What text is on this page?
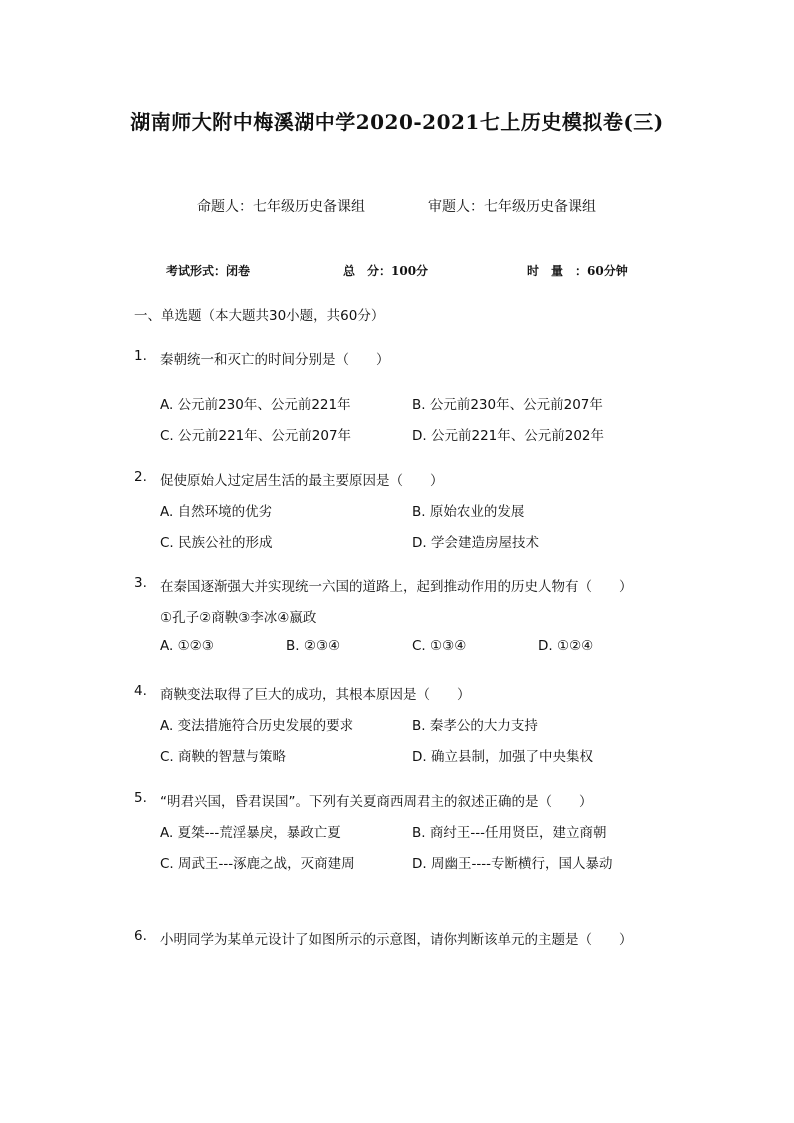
湖南师大附中梅溪湖中学2020-2021七上历史模拟卷(三)
命题人：七年级历史备课组	审题人：七年级历史备课组
考试形式：闭卷	总　分：100分	时　量　：60分钟
一、单选题（本大题共30小题，共60分）
1. 秦朝统一和灭亡的时间分别是（　　）
A. 公元前230年、公元前221年	B. 公元前230年、公元前207年
C. 公元前221年、公元前207年	D. 公元前221年、公元前202年
2. 促使原始人过定居生活的最主要原因是（　　）
A. 自然环境的优劣	B. 原始农业的发展
C. 民族公社的形成	D. 学会建造房屋技术
3. 在秦国逐渐强大并实现统一六国的道路上，起到推动作用的历史人物有（　　）
①孔子②商鞅③李冰④嬴政
A. ①②③	B. ②③④	C. ①③④	D. ①②④
4. 商鞅变法取得了巨大的成功，其根本原因是（　　）
A. 变法措施符合历史发展的要求	B. 秦孝公的大力支持
C. 商鞅的智慧与策略	D. 确立县制，加强了中央集权
5. “明君兴国，昏君误国”。下列有关夏商西周君主的叙述正确的是（　　）
A. 夏桀---荒淫暴戾，暴政亡夏	B. 商纣王---任用贤臣，建立商朝
C. 周武王---涿鹿之战，灭商建周	D. 周幽王----专断横行，国人暴动
6. 小明同学为某单元设计了如图所示的示意图，请你判断该单元的主题是（　　）
